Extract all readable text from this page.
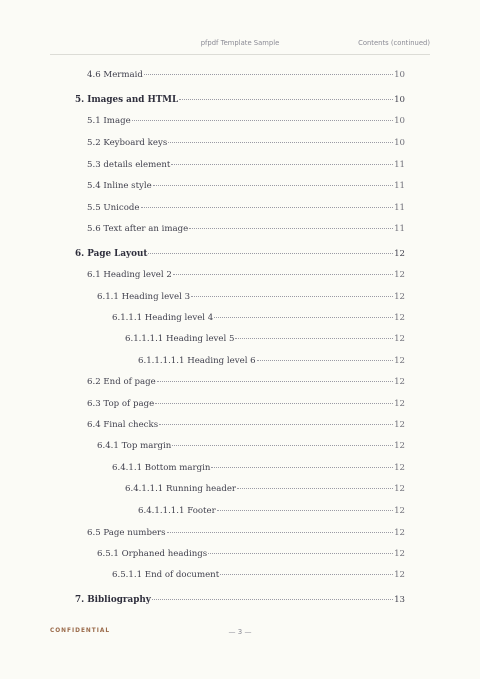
pfpdf Template Sample	Contents (continued)
4.6 Mermaid	10
5. Images and HTML	10
5.1 Image	10
5.2 Keyboard keys	10
5.3 details element	11
5.4 Inline style	11
5.5 Unicode	11
5.6 Text after an image	11
6. Page Layout	12
6.1 Heading level 2	12
6.1.1 Heading level 3	12
6.1.1.1 Heading level 4	12
6.1.1.1.1 Heading level 5	12
6.1.1.1.1.1 Heading level 6	12
6.2 End of page	12
6.3 Top of page	12
6.4 Final checks	12
6.4.1 Top margin	12
6.4.1.1 Bottom margin	12
6.4.1.1.1 Running header	12
6.4.1.1.1.1 Footer	12
6.5 Page numbers	12
6.5.1 Orphaned headings	12
6.5.1.1 End of document	12
7. Bibliography	13
CONFIDENTIAL	— 3 —
